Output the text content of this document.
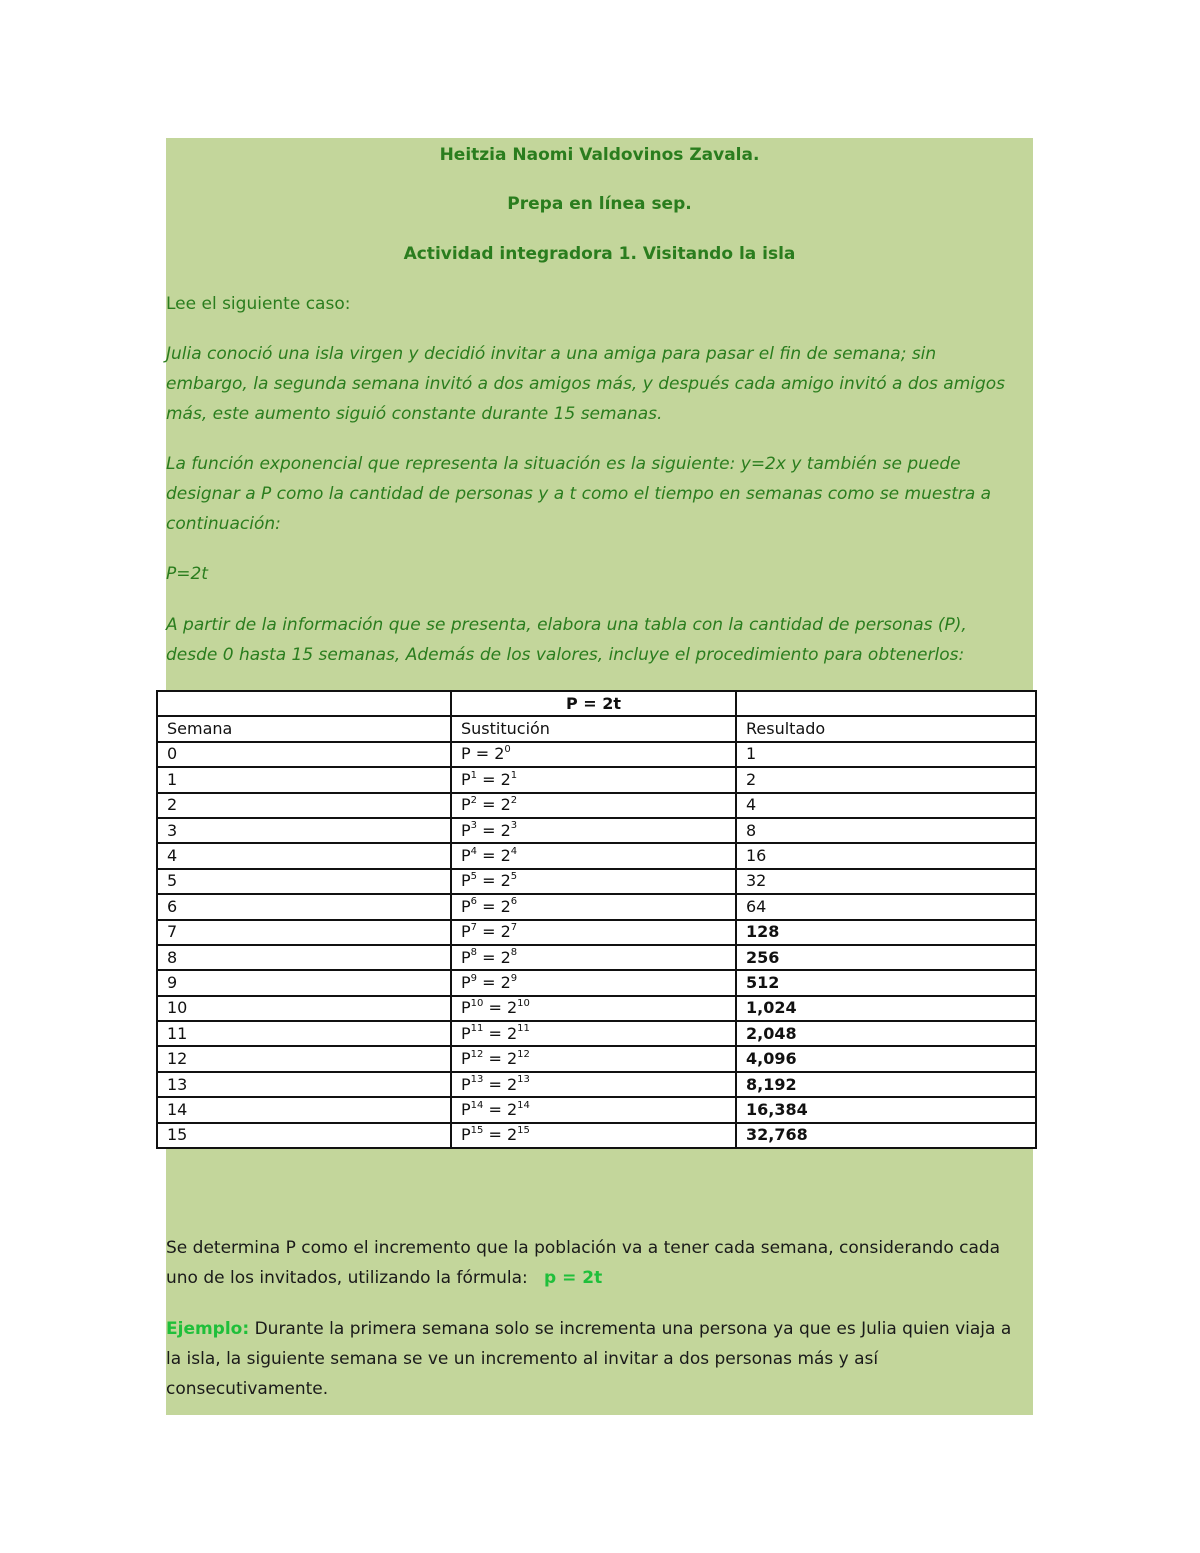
Heitzia Naomi Valdovinos Zavala.
Prepa en línea sep.
Actividad integradora 1. Visitando la isla
Lee el siguiente caso:
Julia conoció una isla virgen y decidió invitar a una amiga para pasar el fin de semana; sin
embargo, la segunda semana invitó a dos amigos más, y después cada amigo invitó a dos amigos
más, este aumento siguió constante durante 15 semanas.
La función exponencial que representa la situación es la siguiente: y=2x y también se puede
designar a P como la cantidad de personas y a t como el tiempo en semanas como se muestra a
continuación:
P=2t
A partir de la información que se presenta, elabora una tabla con la cantidad de personas (P),
desde 0 hasta 15 semanas, Además de los valores, incluye el procedimiento para obtenerlos:
	P = 2t	
Semana	Sustitución	Resultado
0	$P = 2^0$	1
1	$P^1 = 2^1$	2
2	$P^2 = 2^2$	4
3	$P^3 = 2^3$	8
4	$P^4 = 2^4$	16
5	$P^5 = 2^5$	32
6	$P^6 = 2^6$	64
7	$P^7 = 2^7$	128
8	$P^8 = 2^8$	256
9	$P^9 = 2^9$	512
10	$P^{10} = 2^{10}$	1,024
11	$P^{11} = 2^{11}$	2,048
12	$P^{12} = 2^{12}$	4,096
13	$P^{13} = 2^{13}$	8,192
14	$P^{14} = 2^{14}$	16,384
15	$P^{15} = 2^{15}$	32,768
Se determina P como el incremento que la población va a tener cada semana, considerando cada
uno de los invitados, utilizando la fórmula: p = 2t
Ejemplo: Durante la primera semana solo se incrementa una persona ya que es Julia quien viaja a
la isla, la siguiente semana se ve un incremento al invitar a dos personas más y así
consecutivamente.
